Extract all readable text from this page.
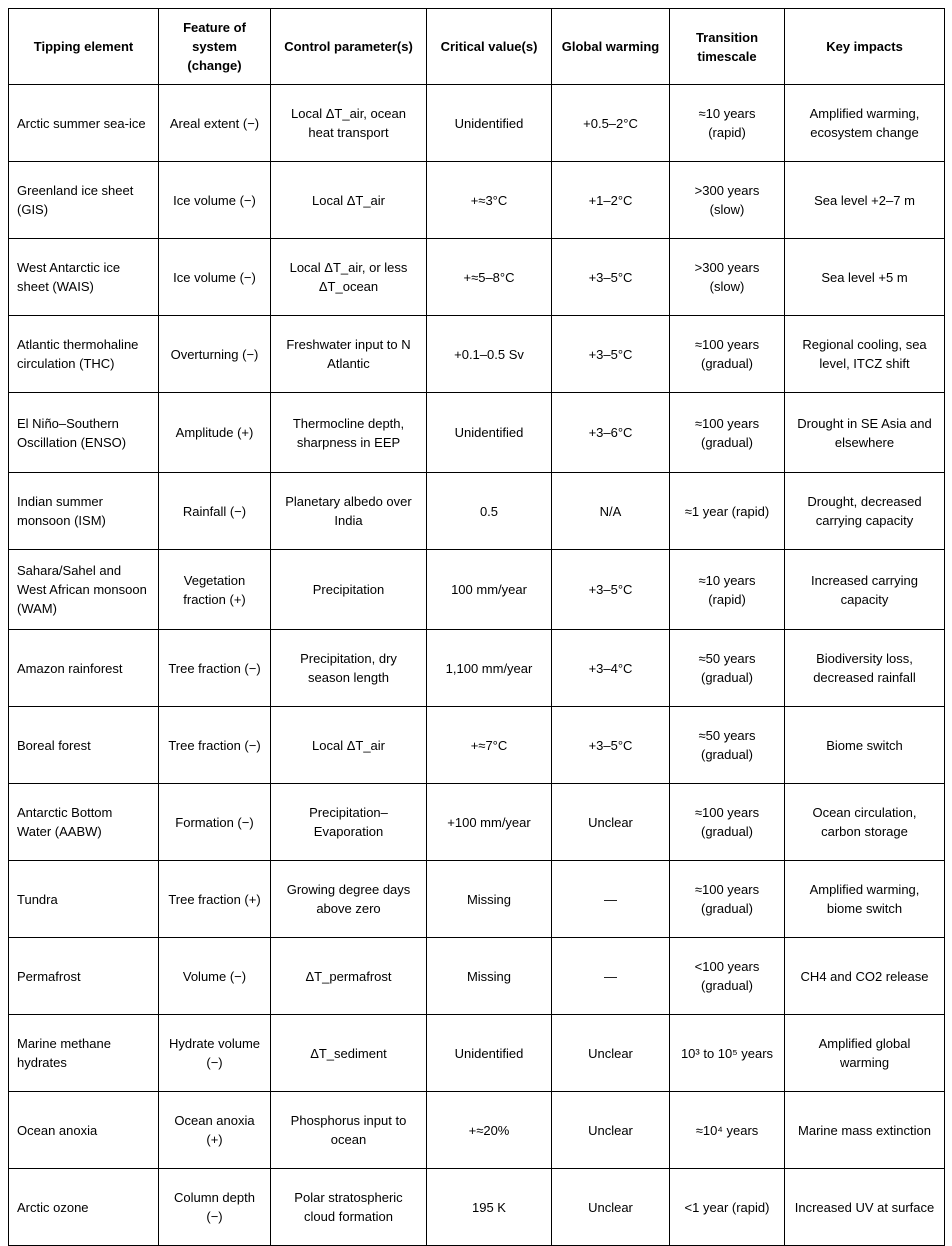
Tipping element	Feature of system (change)	Control parameter(s)	Critical value(s)	Global warming	Transition timescale	Key impacts
Arctic summer sea-ice	Areal extent (−)	Local ΔT_air, ocean heat transport	Unidentified	+0.5–2°C	≈10 years (rapid)	Amplified warming, ecosystem change
Greenland ice sheet (GIS)	Ice volume (−)	Local ΔT_air	+≈3°C	+1–2°C	>300 years (slow)	Sea level +2–7 m
West Antarctic ice sheet (WAIS)	Ice volume (−)	Local ΔT_air, or less ΔT_ocean	+≈5–8°C	+3–5°C	>300 years (slow)	Sea level +5 m
Atlantic thermohaline circulation (THC)	Overturning (−)	Freshwater input to N Atlantic	+0.1–0.5 Sv	+3–5°C	≈100 years (gradual)	Regional cooling, sea level, ITCZ shift
El Niño–Southern Oscillation (ENSO)	Amplitude (+)	Thermocline depth, sharpness in EEP	Unidentified	+3–6°C	≈100 years (gradual)	Drought in SE Asia and elsewhere
Indian summer monsoon (ISM)	Rainfall (−)	Planetary albedo over India	0.5	N/A	≈1 year (rapid)	Drought, decreased carrying capacity
Sahara/Sahel and West African monsoon (WAM)	Vegetation fraction (+)	Precipitation	100 mm/year	+3–5°C	≈10 years (rapid)	Increased carrying capacity
Amazon rainforest	Tree fraction (−)	Precipitation, dry season length	1,100 mm/year	+3–4°C	≈50 years (gradual)	Biodiversity loss, decreased rainfall
Boreal forest	Tree fraction (−)	Local ΔT_air	+≈7°C	+3–5°C	≈50 years (gradual)	Biome switch
Antarctic Bottom Water (AABW)	Formation (−)	Precipitation–Evaporation	+100 mm/year	Unclear	≈100 years (gradual)	Ocean circulation, carbon storage
Tundra	Tree fraction (+)	Growing degree days above zero	Missing	—	≈100 years (gradual)	Amplified warming, biome switch
Permafrost	Volume (−)	ΔT_permafrost	Missing	—	<100 years (gradual)	CH4 and CO2 release
Marine methane hydrates	Hydrate volume (−)	ΔT_sediment	Unidentified	Unclear	10³ to 10⁵ years	Amplified global warming
Ocean anoxia	Ocean anoxia (+)	Phosphorus input to ocean	+≈20%	Unclear	≈10⁴ years	Marine mass extinction
Arctic ozone	Column depth (−)	Polar stratospheric cloud formation	195 K	Unclear	<1 year (rapid)	Increased UV at surface
